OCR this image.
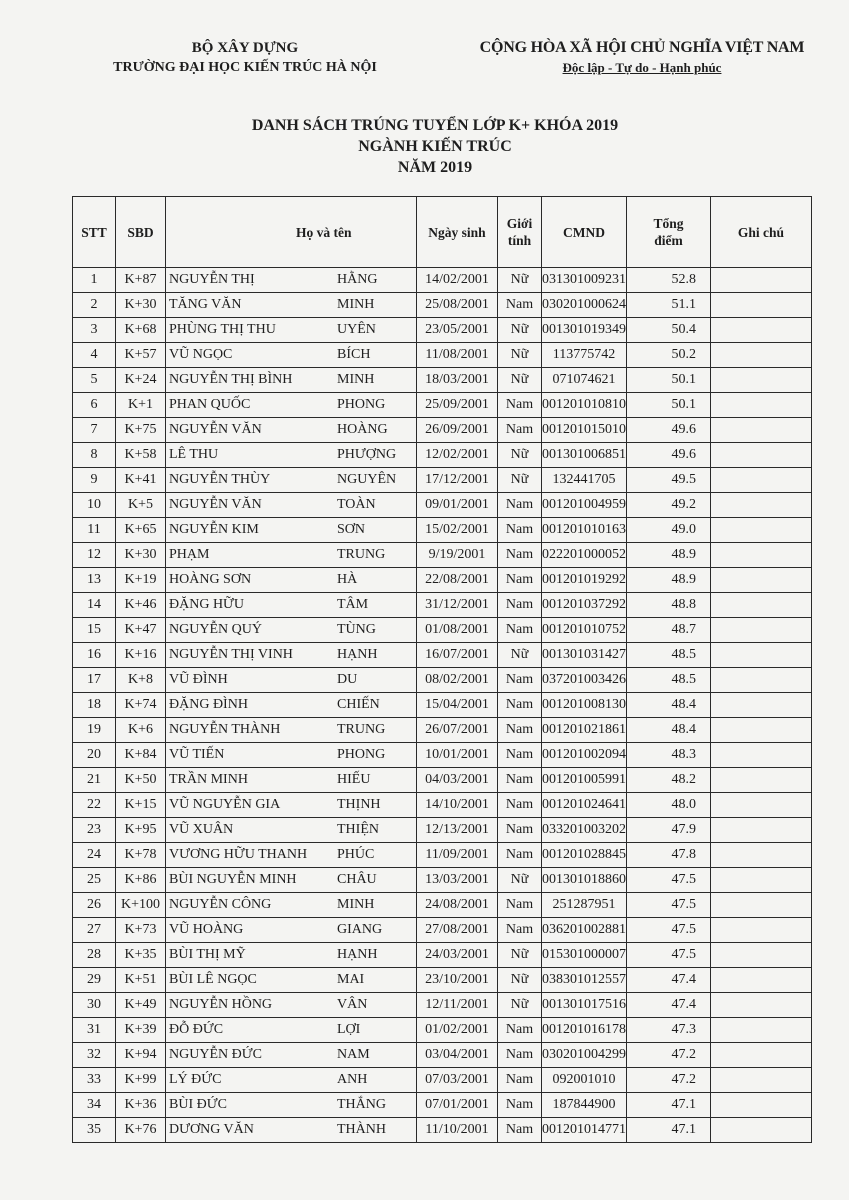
BỘ XÂY DỰNG
TRƯỜNG ĐẠI HỌC KIẾN TRÚC HÀ NỘI
CỘNG HÒA XÃ HỘI CHỦ NGHĨA VIỆT NAM
Độc lập - Tự do - Hạnh phúc
DANH SÁCH TRÚNG TUYỂN LỚP K+ KHÓA 2019
NGÀNH KIẾN TRÚC
NĂM 2019
STT	SBD	Họ và tên	Ngày sinh	Giới tính	CMND	Tổng điểm	Ghi chú
1	K+87	NGUYỄN THỊ HẰNG	14/02/2001	Nữ	031301009231	52.8	
2	K+30	TĂNG VĂN MINH	25/08/2001	Nam	030201000624	51.1	
3	K+68	PHÙNG THỊ THU UYÊN	23/05/2001	Nữ	001301019349	50.4	
4	K+57	VŨ NGỌC BÍCH	11/08/2001	Nữ	113775742	50.2	
5	K+24	NGUYỄN THỊ BÌNH MINH	18/03/2001	Nữ	071074621	50.1	
6	K+1	PHAN QUỐC PHONG	25/09/2001	Nam	001201010810	50.1	
7	K+75	NGUYỄN VĂN HOÀNG	26/09/2001	Nam	001201015010	49.6	
8	K+58	LÊ THU PHƯỢNG	12/02/2001	Nữ	001301006851	49.6	
9	K+41	NGUYỄN THÙY NGUYÊN	17/12/2001	Nữ	132441705	49.5	
10	K+5	NGUYỄN VĂN TOÀN	09/01/2001	Nam	001201004959	49.2	
11	K+65	NGUYỄN KIM SƠN	15/02/2001	Nam	001201010163	49.0	
12	K+30	PHẠM TRUNG	9/19/2001	Nam	022201000052	48.9	
13	K+19	HOÀNG SƠN HÀ	22/08/2001	Nam	001201019292	48.9	
14	K+46	ĐẶNG HỮU TÂM	31/12/2001	Nam	001201037292	48.8	
15	K+47	NGUYỄN QUÝ TÙNG	01/08/2001	Nam	001201010752	48.7	
16	K+16	NGUYỄN THỊ VINH HẠNH	16/07/2001	Nữ	001301031427	48.5	
17	K+8	VŨ ĐÌNH DU	08/02/2001	Nam	037201003426	48.5	
18	K+74	ĐẶNG ĐÌNH CHIẾN	15/04/2001	Nam	001201008130	48.4	
19	K+6	NGUYỄN THÀNH TRUNG	26/07/2001	Nam	001201021861	48.4	
20	K+84	VŨ TIẾN PHONG	10/01/2001	Nam	001201002094	48.3	
21	K+50	TRẦN MINH HIẾU	04/03/2001	Nam	001201005991	48.2	
22	K+15	VŨ NGUYỄN GIA THỊNH	14/10/2001	Nam	001201024641	48.0	
23	K+95	VŨ XUÂN THIỆN	12/13/2001	Nam	033201003202	47.9	
24	K+78	VƯƠNG HỮU THANH PHÚC	11/09/2001	Nam	001201028845	47.8	
25	K+86	BÙI NGUYỄN MINH CHÂU	13/03/2001	Nữ	001301018860	47.5	
26	K+100	NGUYỄN CÔNG MINH	24/08/2001	Nam	251287951	47.5	
27	K+73	VŨ HOÀNG GIANG	27/08/2001	Nam	036201002881	47.5	
28	K+35	BÙI THỊ MỸ HẠNH	24/03/2001	Nữ	015301000007	47.5	
29	K+51	BÙI LÊ NGỌC MAI	23/10/2001	Nữ	038301012557	47.4	
30	K+49	NGUYỄN HỒNG VÂN	12/11/2001	Nữ	001301017516	47.4	
31	K+39	ĐỖ ĐỨC LỢI	01/02/2001	Nam	001201016178	47.3	
32	K+94	NGUYỄN ĐỨC NAM	03/04/2001	Nam	030201004299	47.2	
33	K+99	LÝ ĐỨC ANH	07/03/2001	Nam	092001010	47.2	
34	K+36	BÙI ĐỨC THẮNG	07/01/2001	Nam	187844900	47.1	
35	K+76	DƯƠNG VĂN THÀNH	11/10/2001	Nam	001201014771	47.1	
